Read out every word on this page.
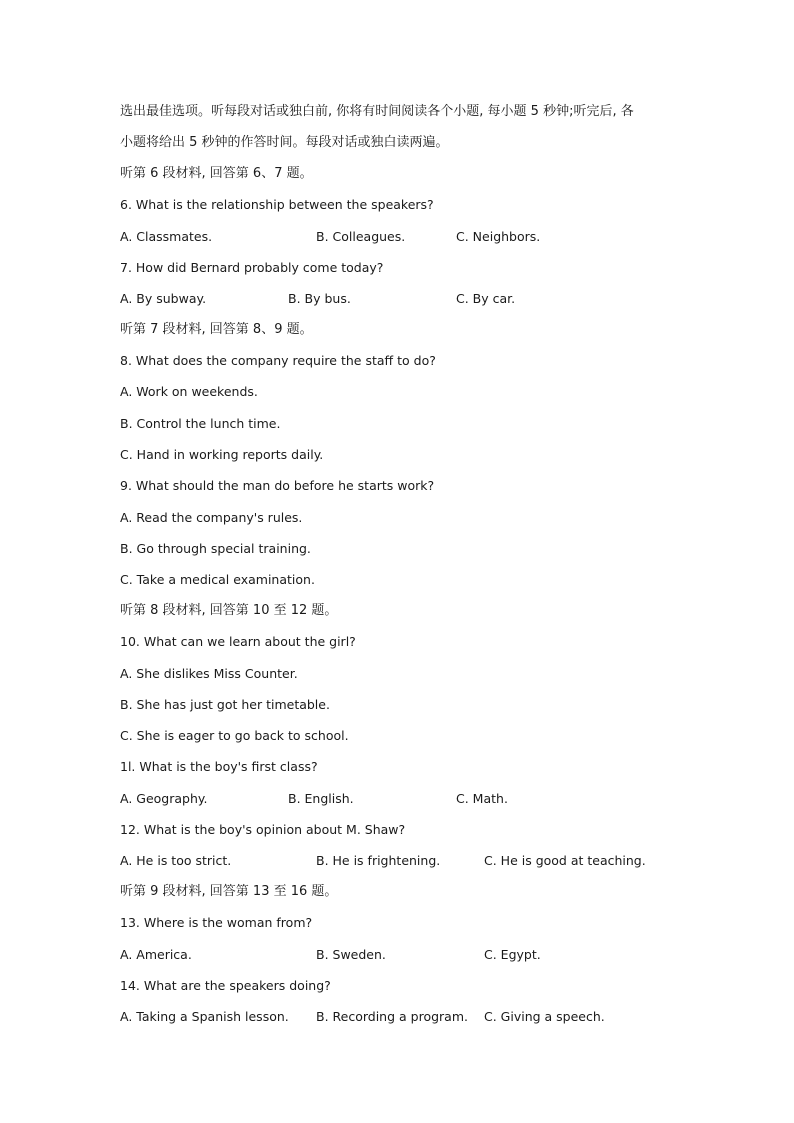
选出最佳选项。听每段对话或独白前, 你将有时间阅读各个小题, 每小题 5 秒钟;听完后, 各
小题将给出 5 秒钟的作答时间。每段对话或独白读两遍。
听第 6 段材料, 回答第 6、7 题。
6. What is the relationship between the speakers?
A. Classmates.	B. Colleagues.	C. Neighbors.
7. How did Bernard probably come today?
A. By subway.	B. By bus.	C. By car.
听第 7 段材料, 回答第 8、9 题。
8. What does the company require the staff to do?
A. Work on weekends.
B. Control the lunch time.
C. Hand in working reports daily.
9. What should the man do before he starts work?
A. Read the company's rules.
B. Go through special training.
C. Take a medical examination.
听第 8 段材料, 回答第 10 至 12 题。
10. What can we learn about the girl?
A. She dislikes Miss Counter.
B. She has just got her timetable.
C. She is eager to go back to school.
1l. What is the boy's first class?
A. Geography.	B. English.	C. Math.
12. What is the boy's opinion about M. Shaw?
A. He is too strict.	B. He is frightening.	C. He is good at teaching.
听第 9 段材料, 回答第 13 至 16 题。
13. Where is the woman from?
A. America.	B. Sweden.	C. Egypt.
14. What are the speakers doing?
A. Taking a Spanish lesson. B. Recording a program. C. Giving a speech.
